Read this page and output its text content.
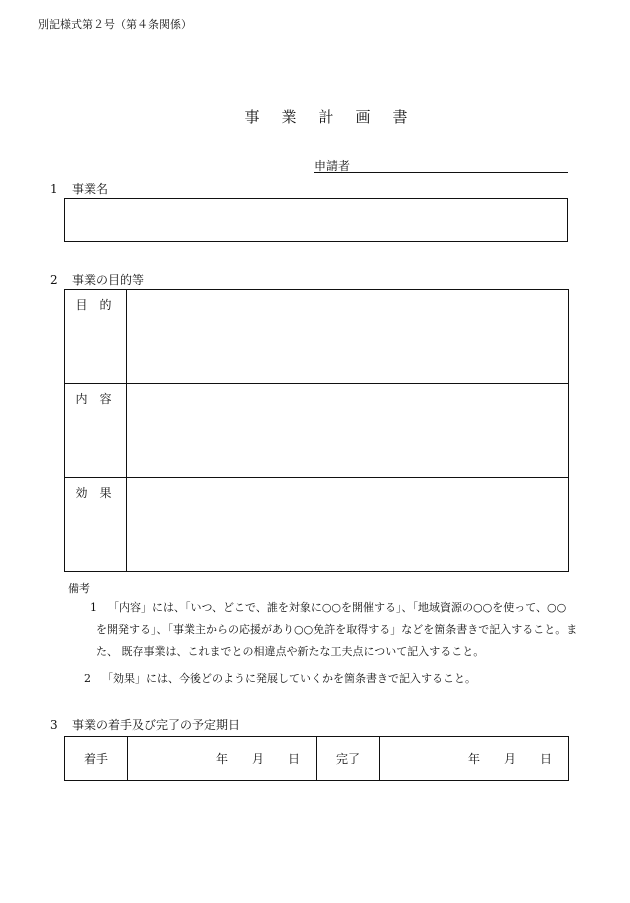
別記様式第２号（第４条関係）
事業計画書
申請者
1 事業名
2 事業の目的等
目的	
内容	
効果	
備考
1 「内容」には、「いつ、どこで、誰を対象に○○を開催する」、「地域資源の○○を使って、○○
を開発する」、「事業主からの応援があり○○免許を取得する」などを箇条書きで記入すること。ま
た、 既存事業は、これまでとの相違点や新たな工夫点について記入すること。
2 「効果」には、今後どのように発展していくかを箇条書きで記入すること。
3 事業の着手及び完了の予定期日
着手	年 月 日	完了	年 月 日
